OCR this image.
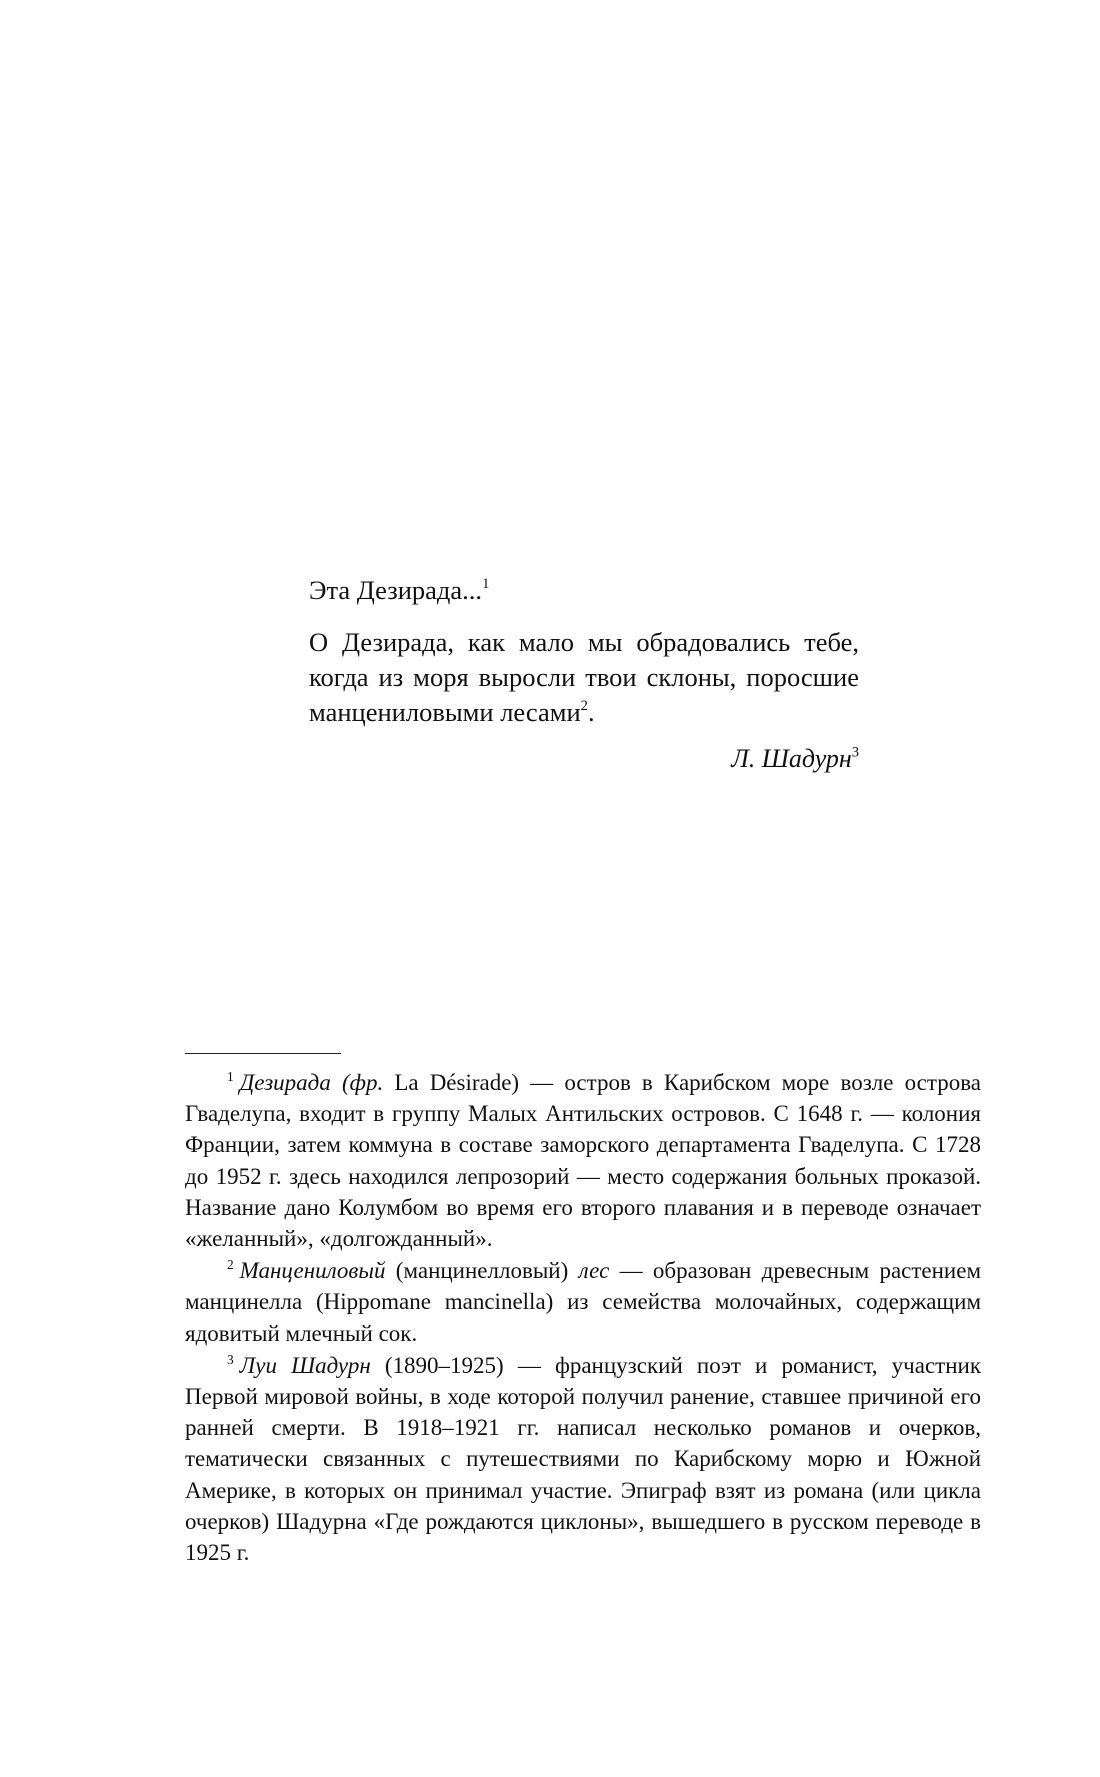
Эта Дезирада...$^1$

О Дезирада, как мало мы обрадовались тебе, когда из моря выросли твои склоны, поросшие манцениловыми лесами$^2$.

Л. Шадурн$^3$

$^1$ Дезирада (фр. La Désirade) — остров в Карибском море возле острова Гваделупа, входит в группу Малых Антильских островов. С 1648 г. — колония Франции, затем коммуна в составе заморского департамента Гваделупа. С 1728 до 1952 г. здесь находился лепрозорий — место содержания больных проказой. Название дано Колумбом во время его второго плавания и в переводе означает «желанный», «долгожданный».

$^2$ Манцениловый (манцинелловый) лес — образован древесным растением манцинелла (Hippomane mancinella) из семейства молочайных, содержащим ядовитый млечный сок.

$^3$ Луи Шадурн (1890–1925) — французский поэт и романист, участник Первой мировой войны, в ходе которой получил ранение, ставшее причиной его ранней смерти. В 1918–1921 гг. написал несколько романов и очерков, тематически связанных с путешествиями по Карибскому морю и Южной Америке, в которых он принимал участие. Эпиграф взят из романа (или цикла очерков) Шадурна «Где рождаются циклоны», вышедшего в русском переводе в 1925 г.
